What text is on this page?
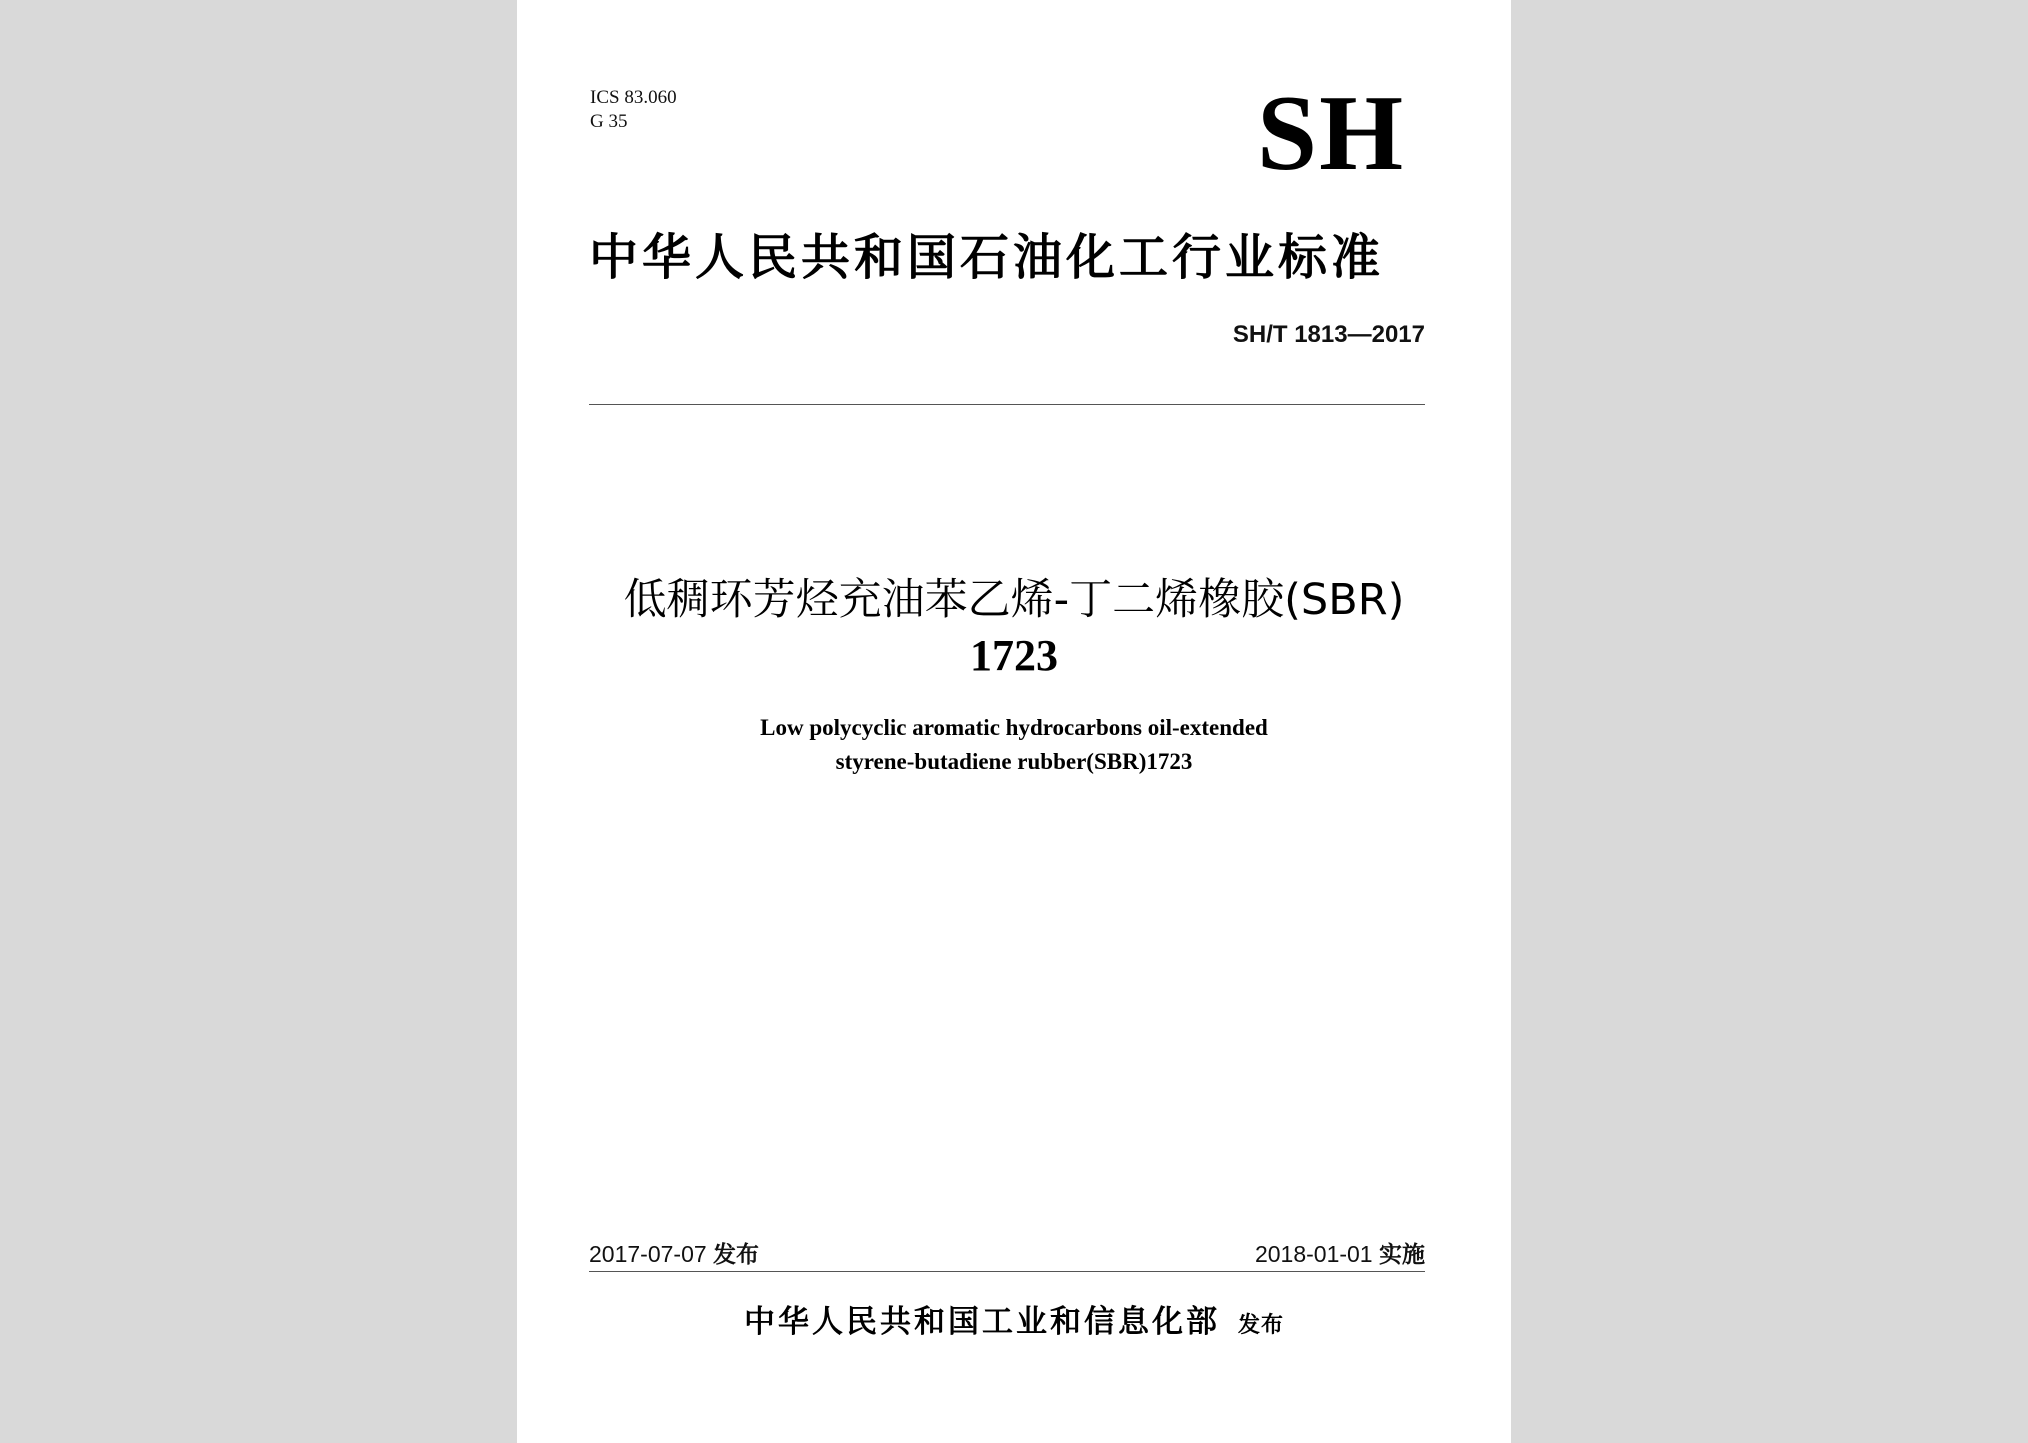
ICS 83.060
G 35	SH
中华人民共和国石油化工行业标准
SH/T 1813—2017
低稠环芳烃充油苯乙烯-丁二烯橡胶(SBR)
1723
Low polycyclic aromatic hydrocarbons oil-extended
styrene-butadiene rubber(SBR)1723
2017-07-07 发布	2018-01-01 实施
中华人民共和国工业和信息化部 发布
